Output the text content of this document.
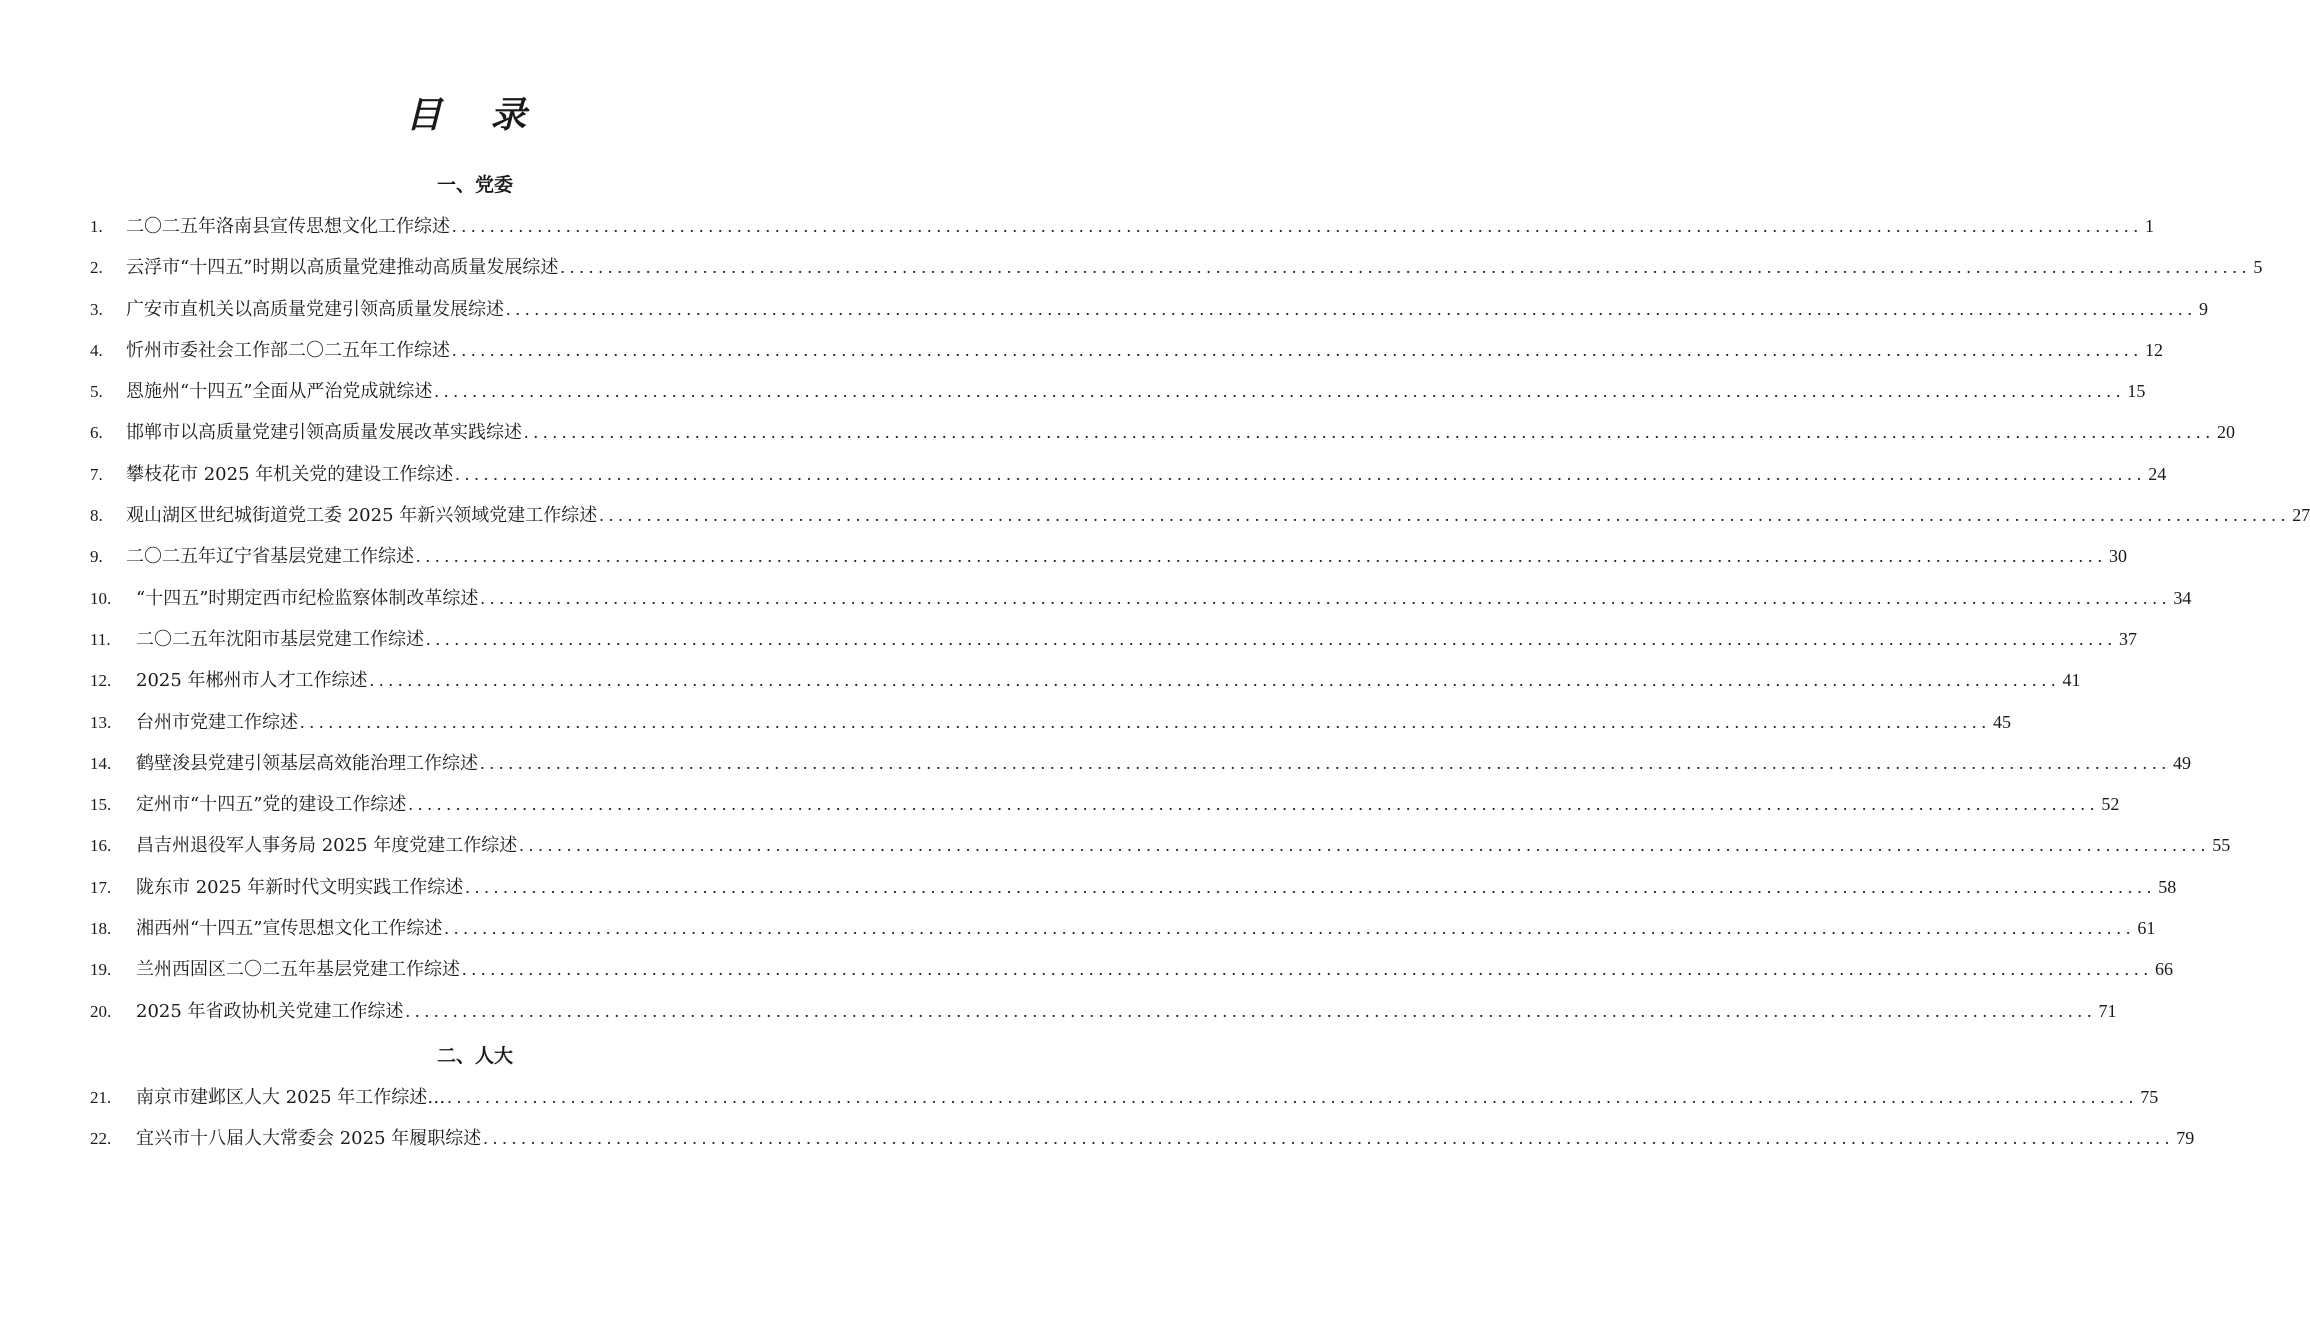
目 录
一、党委
1.	二〇二五年洛南县宣传思想文化工作综述 .....	1
2.	云浮市“十四五”时期以高质量党建推动高质量发展综述 .....	5
3.	广安市直机关以高质量党建引领高质量发展综述 .....	9
4.	忻州市委社会工作部二〇二五年工作综述 .....	12
5.	恩施州“十四五”全面从严治党成就综述 .....	15
6.	邯郸市以高质量党建引领高质量发展改革实践综述 .....	20
7.	攀枝花市 2025 年机关党的建设工作综述 .....	24
8.	观山湖区世纪城街道党工委 2025 年新兴领域党建工作综述 .....	27
9.	二〇二五年辽宁省基层党建工作综述 .....	30
10.	“十四五”时期定西市纪检监察体制改革综述 .....	34
11.	二〇二五年沈阳市基层党建工作综述 .....	37
12.	2025 年郴州市人才工作综述 .....	41
13.	台州市党建工作综述 .....	45
14.	鹤壁浚县党建引领基层高效能治理工作综述 .....	49
15.	定州市“十四五”党的建设工作综述 .....	52
16.	昌吉州退役军人事务局 2025 年度党建工作综述 .....	55
17.	陇东市 2025 年新时代文明实践工作综述 .....	58
18.	湘西州“十四五”宣传思想文化工作综述 .....	61
19.	兰州西固区二〇二五年基层党建工作综述 .....	66
20.	2025 年省政协机关党建工作综述 .....	71
二、人大
21.	南京市建邺区人大 2025 年工作综述… .....	75
22.	宜兴市十八届人大常委会 2025 年履职综述 .....	79
